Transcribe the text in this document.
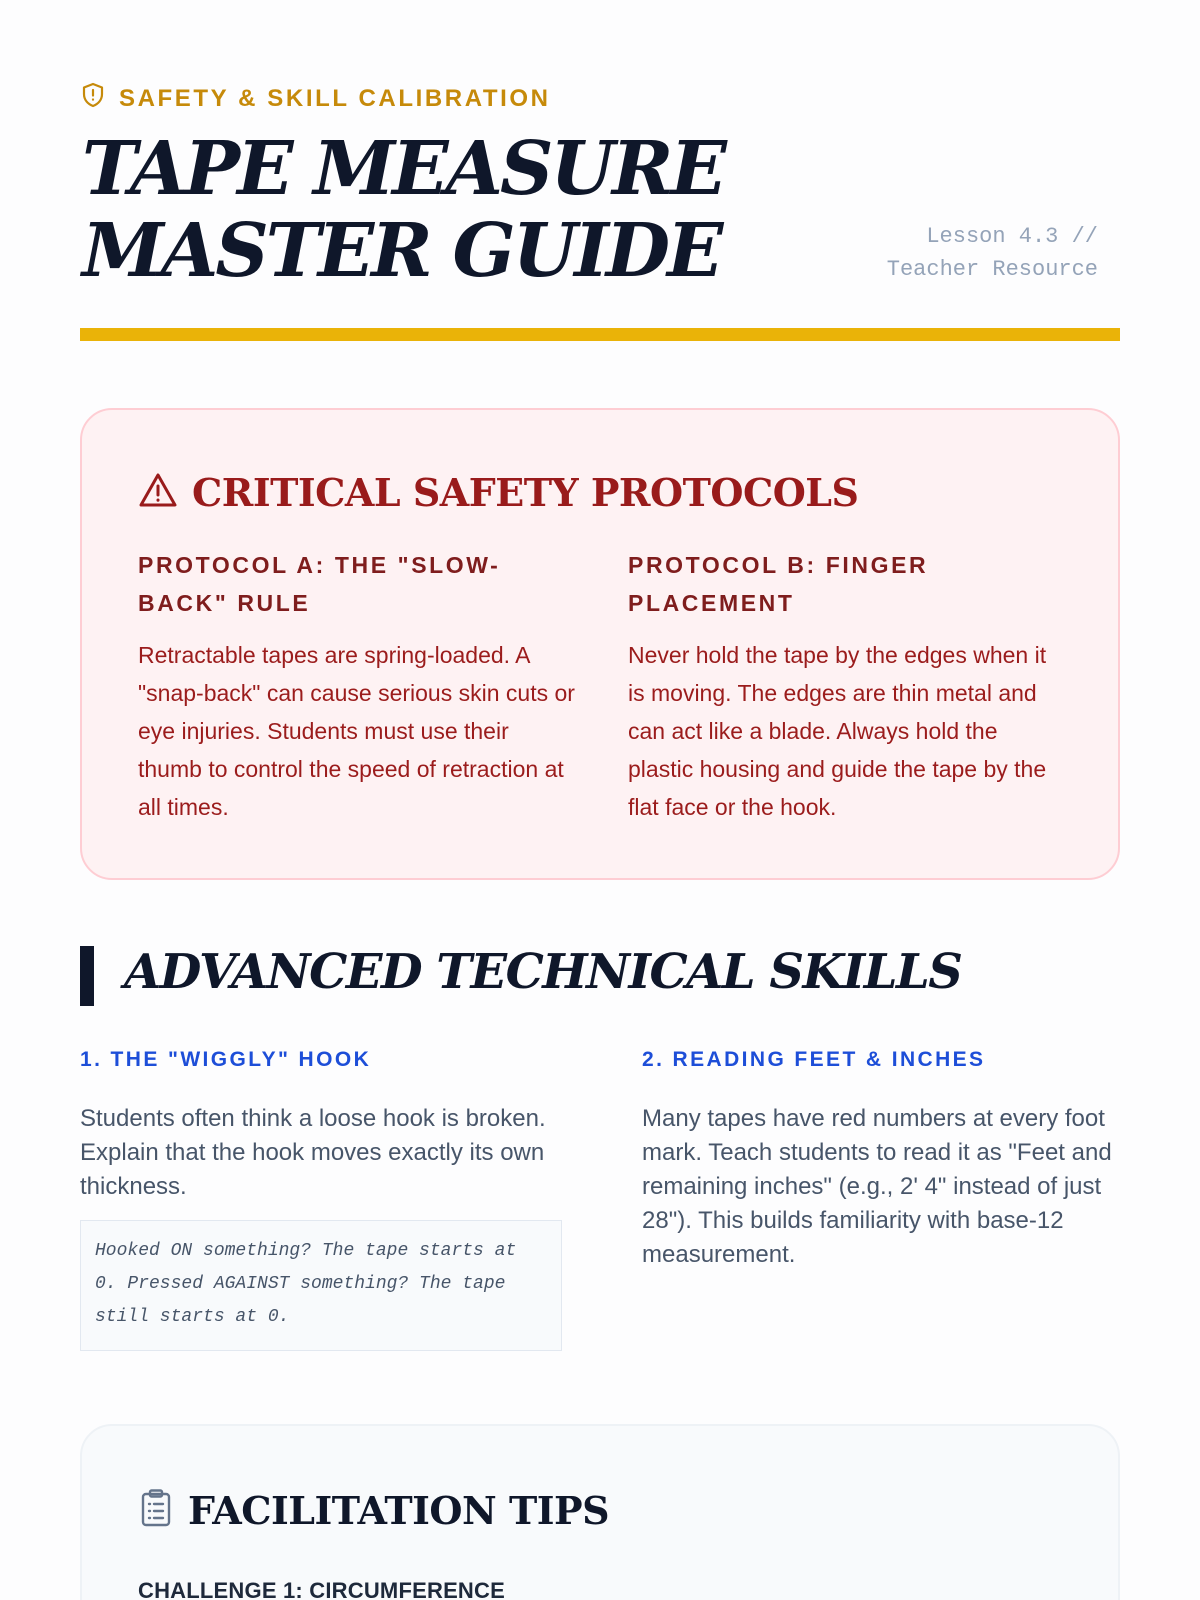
SAFETY & SKILL CALIBRATION
TAPE MEASURE
MASTER GUIDE	Lesson 4.3 //
Teacher Resource
CRITICAL SAFETY PROTOCOLS
PROTOCOL A: THE "SLOW-BACK" RULE

Retractable tapes are spring-loaded. A "snap-back" can cause serious skin cuts or eye injuries. Students must use their thumb to control the speed of retraction at all times.

PROTOCOL B: FINGER PLACEMENT

Never hold the tape by the edges when it is moving. The edges are thin metal and can act like a blade. Always hold the plastic housing and guide the tape by the flat face or the hook.

ADVANCED TECHNICAL SKILLS
1. THE "WIGGLY" HOOK

Students often think a loose hook is broken. Explain that the hook moves exactly its own thickness.

Hooked ON something? The tape starts at 0. Pressed AGAINST something? The tape still starts at 0.
2. READING FEET & INCHES

Many tapes have red numbers at every foot mark. Teach students to read it as "Feet and remaining inches" (e.g., 2' 4" instead of just 28"). This builds familiarity with base-12 measurement.

FACILITATION TIPS
CHALLENGE 1: CIRCUMFERENCE
